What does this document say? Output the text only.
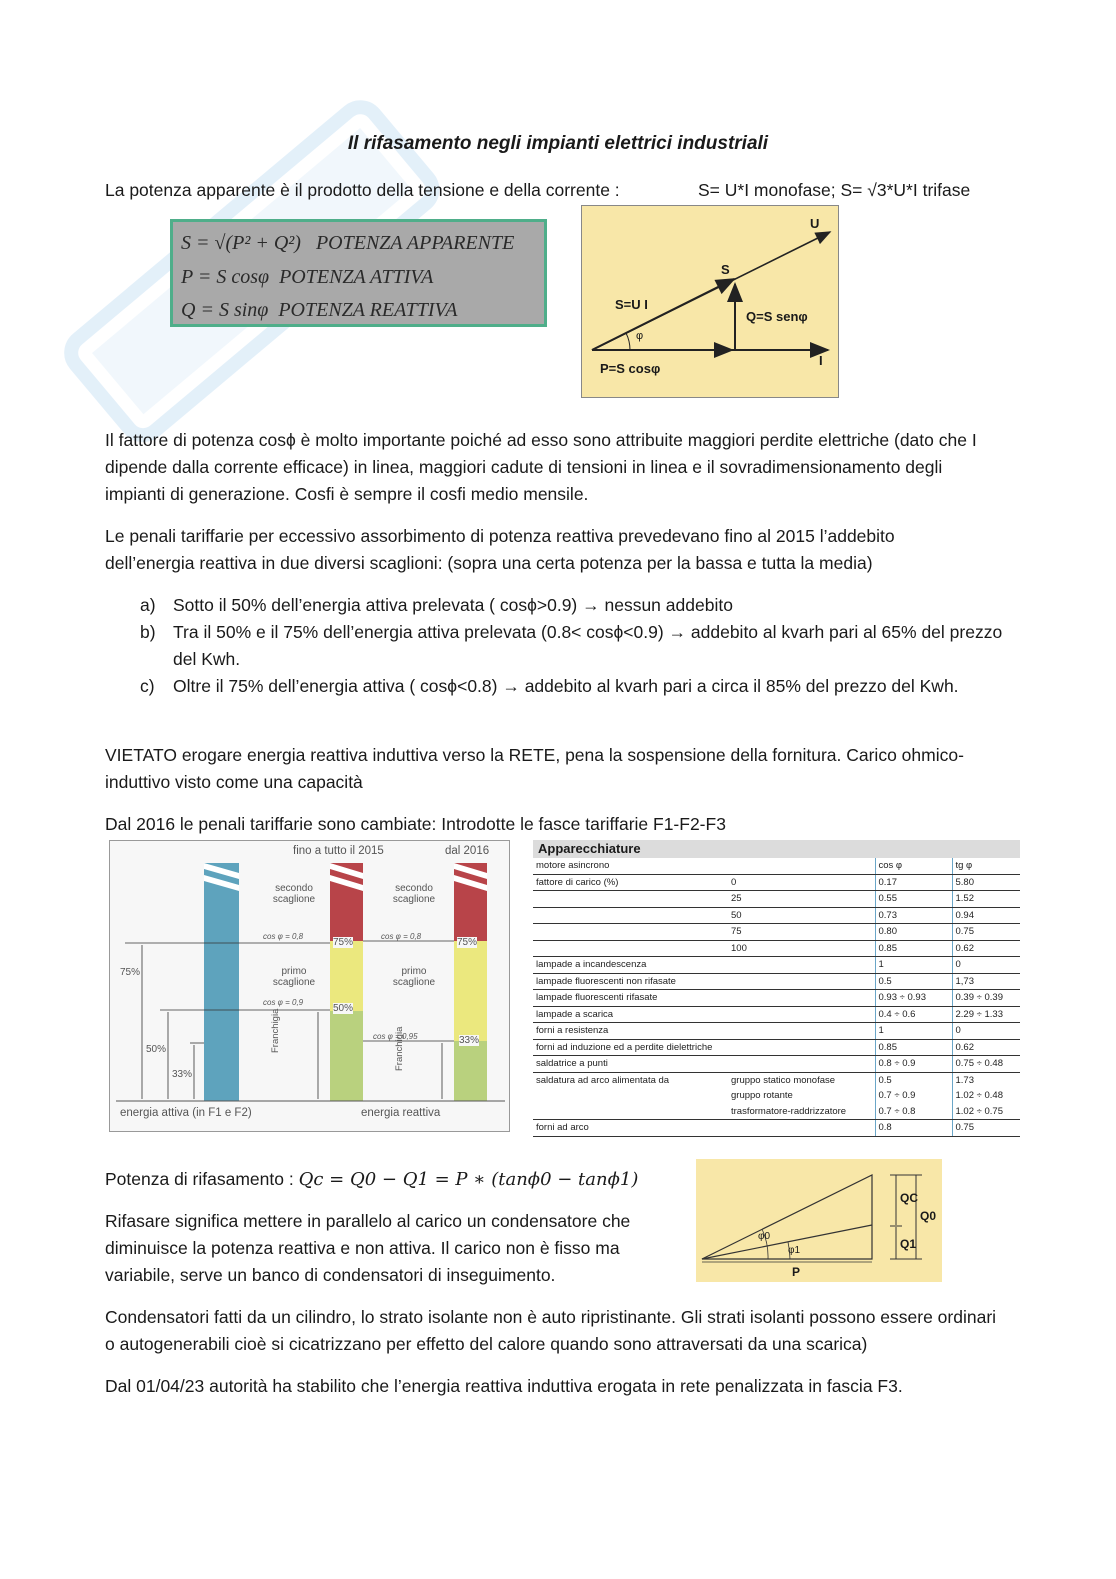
Il rifasamento negli impianti elettrici industriali
La potenza apparente è il prodotto della tensione e della corrente :	S= U*I monofase; S= √3*U*I trifase
S = √(P² + Q²) POTENZA APPARENTE
P = S cosφ POTENZA ATTIVA
Q = S sinφ POTENZA REATTIVA
U
S
S=U I
φ
Q=S senφ
P=S cosφ
I
Il fattore di potenza cosϕ è molto importante poiché ad esso sono attribuite maggiori perdite elettriche (dato che I dipende dalla corrente efficace) in linea, maggiori cadute di tensioni in linea e il sovradimensionamento degli impianti di generazione. Cosfi è sempre il cosfi medio mensile.
Le penali tariffarie per eccessivo assorbimento di potenza reattiva prevedevano fino al 2015 l’addebito dell’energia reattiva in due diversi scaglioni: (sopra una certa potenza per la bassa e tutta la media)
a) Sotto il 50% dell’energia attiva prelevata ( cosϕ>0.9) → nessun addebito
b) Tra il 50% e il 75% dell’energia attiva prelevata (0.8< cosϕ<0.9) → addebito al kvarh pari al 65% del prezzo del Kwh.
c) Oltre il 75% dell’energia attiva ( cosϕ<0.8) → addebito al kvarh pari a circa il 85% del prezzo del Kwh.
VIETATO erogare energia reattiva induttiva verso la RETE, pena la sospensione della fornitura. Carico ohmico-induttivo visto come una capacità
Dal 2016 le penali tariffarie sono cambiate: Introdotte le fasce tariffarie F1-F2-F3
fino a tutto il 2015	dal 2016
secondo scaglione
secondo scaglione
primo scaglione
primo scaglione
cos φ = 0,8	cos φ = 0,8
cos φ = 0,9
cos φ = 0,95
75%
50%
75%
33%
75%
50%
33%
Franchigia	Franchigia
energia attiva (in F1 e F2)	energia reattiva
Apparecchiature
motore asincrono		cos φ	tg φ
fattore di carico (%)	0	0.17	5.80
	25	0.55	1.52
	50	0.73	0.94
	75	0.80	0.75
	100	0.85	0.62
lampade a incandescenza		1	0
lampade fluorescenti non rifasate		0.5	1,73
lampade fluorescenti rifasate		0.93 ÷ 0.93	0.39 ÷ 0.39
lampade a scarica		0.4 ÷ 0.6	2.29 ÷ 1.33
forni a resistenza		1	0
forni ad induzione ed a perdite dielettriche		0.85	0.62
saldatrice a punti		0.8 ÷ 0.9	0.75 ÷ 0.48
saldatura ad arco alimentata da	gruppo statico monofase	0.5	1.73
	gruppo rotante	0.7 ÷ 0.9	1.02 ÷ 0.48
	trasformatore-raddrizzatore	0.7 ÷ 0.8	1.02 ÷ 0.75
forni ad arco		0.8	0.75
Potenza di rifasamento : Qc = Q0 − Q1 = P ∗ (tanϕ0 − tanϕ1)
Rifasare significa mettere in parallelo al carico un condensatore che diminuisce la potenza reattiva e non attiva. Il carico non è fisso ma variabile, serve un banco di condensatori di inseguimento.
QC
Q0
Q1
φ0
φ1
P
Condensatori fatti da un cilindro, lo strato isolante non è auto ripristinante. Gli strati isolanti possono essere ordinari o autogenerabili cioè si cicatrizzano per effetto del calore quando sono attraversati da una scarica)
Dal 01/04/23 autorità ha stabilito che l’energia reattiva induttiva erogata in rete penalizzata in fascia F3.
